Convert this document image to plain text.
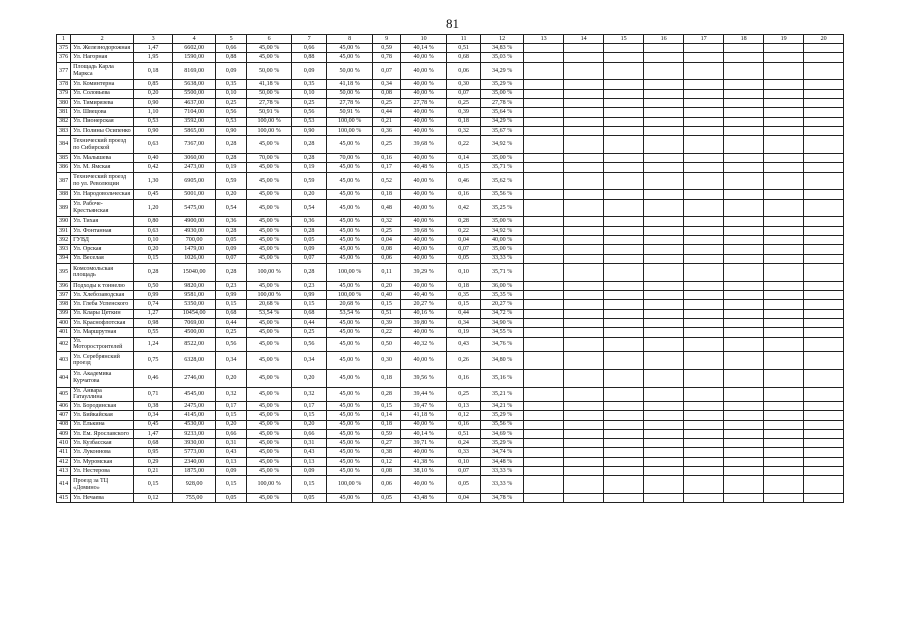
81
1	2	3	4	5	6	7	8	9	10	11	12	13	14	15	16	17	18	19	20
375	Ул. Железнодорожная	1,47	6602,00	0,66	45,00 %	0,66	45,00 %	0,59	40,14 %	0,51	34,83 %								
376	Ул. Нагорная	1,95	1590,00	0,88	45,00 %	0,88	45,00 %	0,78	40,00 %	0,68	35,03 %								
377	Площадь Карла Маркса	0,18	8169,00	0,09	50,00 %	0,09	50,00 %	0,07	40,00 %	0,06	34,29 %								
378	Ул. Коминтерна	0,85	5638,00	0,35	41,18 %	0,35	41,18 %	0,34	40,00 %	0,30	35,29 %								
379	Ул. Соловьева	0,20	5500,00	0,10	50,00 %	0,10	50,00 %	0,08	40,00 %	0,07	35,00 %								
380	Ул. Тимирязева	0,90	4637,00	0,25	27,78 %	0,25	27,78 %	0,25	27,78 %	0,25	27,78 %								
381	Ул. Швецова	1,10	7104,00	0,56	50,91 %	0,56	50,91 %	0,44	40,00 %	0,39	35,64 %								
382	Ул. Пионерская	0,53	3592,00	0,53	100,00 %	0,53	100,00 %	0,21	40,00 %	0,18	34,29 %								
383	Ул. Полины Осипенко	0,90	5865,00	0,90	100,00 %	0,90	100,00 %	0,36	40,00 %	0,32	35,67 %								
384	Технический проезд по Сибирской	0,63	7367,00	0,28	45,00 %	0,28	45,00 %	0,25	39,68 %	0,22	34,92 %								
385	Ул. Малышева	0,40	3060,00	0,28	70,00 %	0,28	70,00 %	0,16	40,00 %	0,14	35,00 %								
386	Ул. М. Ямская	0,42	2473,00	0,19	45,00 %	0,19	45,00 %	0,17	40,48 %	0,15	35,71 %								
387	Технический проезд по ул. Революции	1,30	6905,00	0,59	45,00 %	0,59	45,00 %	0,52	40,00 %	0,46	35,62 %								
388	Ул. Народовольческая	0,45	5001,00	0,20	45,00 %	0,20	45,00 %	0,18	40,00 %	0,16	35,56 %								
389	Ул. Рабоче-Крестьянская	1,20	5475,00	0,54	45,00 %	0,54	45,00 %	0,48	40,00 %	0,42	35,25 %								
390	Ул. Тихая	0,80	4900,00	0,36	45,00 %	0,36	45,00 %	0,32	40,00 %	0,28	35,00 %								
391	Ул. Фонтанная	0,63	4930,00	0,28	45,00 %	0,28	45,00 %	0,25	39,68 %	0,22	34,92 %								
392	ГУВД	0,10	700,00	0,05	45,00 %	0,05	45,00 %	0,04	40,00 %	0,04	40,00 %								
393	Ул. Орская	0,20	1479,00	0,09	45,00 %	0,09	45,00 %	0,08	40,00 %	0,07	35,00 %								
394	Ул. Веселая	0,15	1026,00	0,07	45,00 %	0,07	45,00 %	0,06	40,00 %	0,05	33,33 %								
395	Комсомольская площадь	0,28	15040,00	0,28	100,00 %	0,28	100,00 %	0,11	39,29 %	0,10	35,71 %								
396	Подходы к тоннелю	0,50	9820,00	0,23	45,00 %	0,23	45,00 %	0,20	40,00 %	0,18	36,00 %								
397	Ул. Хлебозаводская	0,99	9581,00	0,99	100,00 %	0,99	100,00 %	0,40	40,40 %	0,35	35,35 %								
398	Ул. Глеба Успенского	0,74	5350,00	0,15	20,68 %	0,15	20,68 %	0,15	20,27 %	0,15	20,27 %								
399	Ул. Клары Цеткин	1,27	10454,00	0,68	53,54 %	0,68	53,54 %	0,51	40,16 %	0,44	34,72 %								
400	Ул. Краснофлотская	0,98	7069,00	0,44	45,00 %	0,44	45,00 %	0,39	39,80 %	0,34	34,90 %								
401	Ул. Маршрутная	0,55	4500,00	0,25	45,00 %	0,25	45,00 %	0,22	40,00 %	0,19	34,55 %								
402	Ул. Моторостроителей	1,24	8522,00	0,56	45,00 %	0,56	45,00 %	0,50	40,32 %	0,43	34,76 %								
403	Ул. Серебрянский проезд	0,75	6328,00	0,34	45,00 %	0,34	45,00 %	0,30	40,00 %	0,26	34,80 %								
404	Ул. Академика Курчатова	0,46	2746,00	0,20	45,00 %	0,20	45,00 %	0,18	39,56 %	0,16	35,16 %								
405	Ул. Анвара Гатауллина	0,71	4545,00	0,32	45,00 %	0,32	45,00 %	0,28	39,44 %	0,25	35,21 %								
406	Ул. Бородинская	0,38	2475,00	0,17	45,00 %	0,17	45,00 %	0,15	39,47 %	0,13	34,21 %								
407	Ул. Бийкайская	0,34	4145,00	0,15	45,00 %	0,15	45,00 %	0,14	41,18 %	0,12	35,29 %								
408	Ул. Елькина	0,45	4530,00	0,20	45,00 %	0,20	45,00 %	0,18	40,00 %	0,16	35,56 %								
409	Ул. Ем. Ярославского	1,47	9233,00	0,66	45,00 %	0,66	45,00 %	0,59	40,14 %	0,51	34,69 %								
410	Ул. Кузбасская	0,68	3930,00	0,31	45,00 %	0,31	45,00 %	0,27	39,71 %	0,24	35,29 %								
411	Ул. Луконнова	0,95	5773,00	0,43	45,00 %	0,43	45,00 %	0,38	40,00 %	0,33	34,74 %								
412	Ул. Муромская	0,29	2340,00	0,13	45,00 %	0,13	45,00 %	0,12	41,38 %	0,10	34,48 %								
413	Ул. Нестерова	0,21	1875,00	0,09	45,00 %	0,09	45,00 %	0,08	38,10 %	0,07	33,33 %								
414	Проезд за ТЦ «Домино»	0,15	928,00	0,15	100,00 %	0,15	100,00 %	0,06	40,00 %	0,05	33,33 %								
415	Ул. Нечаева	0,12	755,00	0,05	45,00 %	0,05	45,00 %	0,05	43,48 %	0,04	34,78 %								
